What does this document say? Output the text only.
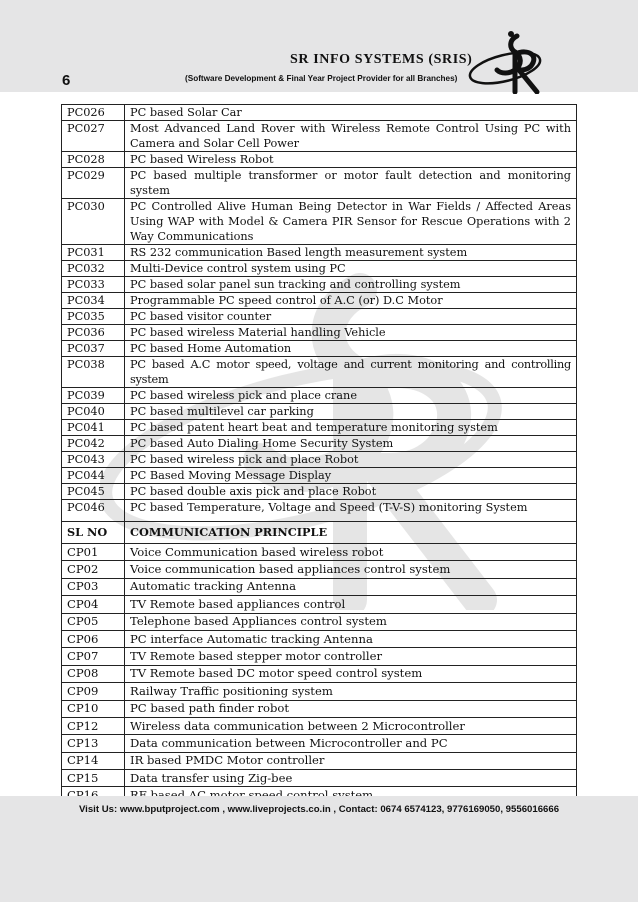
6
SR INFO SYSTEMS (SRIS)
(Software Development & Final Year Project Provider for all Branches)
PC026	PC based Solar Car
PC027	Most Advanced Land Rover with Wireless Remote Control Using PC with Camera and Solar Cell Power
PC028	PC based Wireless Robot
PC029	PC based multiple transformer or motor fault detection and monitoring system
PC030	PC Controlled Alive Human Being Detector in War Fields / Affected Areas Using WAP with Model & Camera PIR Sensor for Rescue Operations with 2 Way Communications
PC031	RS 232 communication Based length measurement system
PC032	Multi-Device control system using PC
PC033	PC based solar panel sun tracking and controlling system
PC034	Programmable PC speed control of A.C (or) D.C Motor
PC035	PC based visitor counter
PC036	PC based wireless Material handling Vehicle
PC037	PC based Home Automation
PC038	PC based A.C motor speed, voltage and current monitoring and controlling system
PC039	PC based wireless pick and place crane
PC040	PC based multilevel car parking
PC041	PC based patent heart beat and temperature monitoring system
PC042	PC based Auto Dialing Home Security System
PC043	PC based wireless pick and place Robot
PC044	PC Based Moving Message Display
PC045	PC based double axis pick and place Robot
PC046	PC based Temperature, Voltage and Speed (T-V-S) monitoring System
SL NO	COMMUNICATION PRINCIPLE
CP01	Voice Communication based wireless robot
CP02	Voice communication based appliances control system
CP03	Automatic tracking Antenna
CP04	TV Remote based appliances control
CP05	Telephone based Appliances control system
CP06	PC interface Automatic tracking Antenna
CP07	TV Remote based stepper motor controller
CP08	TV Remote based DC motor speed control system
CP09	Railway Traffic positioning system
CP10	PC based path finder robot
CP12	Wireless data communication between 2 Microcontroller
CP13	Data communication between Microcontroller and PC
CP14	IR based PMDC Motor controller
CP15	Data transfer using Zig-bee

Visit Us: www.bputproject.com , www.liveprojects.co.in , Contact: 0674 6574123, 9776169050, 9556016666
